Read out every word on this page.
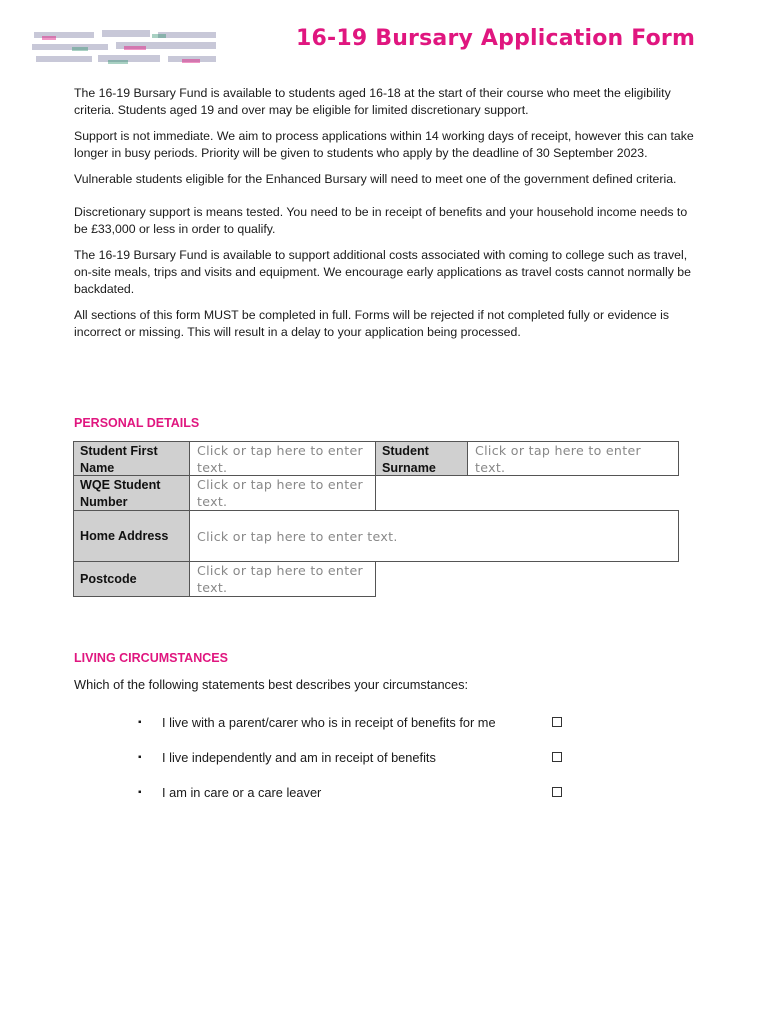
16-19 Bursary Application Form

The 16-19 Bursary Fund is available to students aged 16-18 at the start of their course who meet the eligibility criteria. Students aged 19 and over may be eligible for limited discretionary support.

Support is not immediate. We aim to process applications within 14 working days of receipt, however this can take longer in busy periods. Priority will be given to students who apply by the deadline of 30 September 2023.

Vulnerable students eligible for the Enhanced Bursary will need to meet one of the government defined criteria.

Discretionary support is means tested. You need to be in receipt of benefits and your household income needs to be £33,000 or less in order to qualify.

The 16-19 Bursary Fund is available to support additional costs associated with coming to college such as travel, on-site meals, trips and visits and equipment. We encourage early applications as travel costs cannot normally be backdated.

All sections of this form MUST be completed in full. Forms will be rejected if not completed fully or evidence is incorrect or missing. This will result in a delay to your application being processed.

PERSONAL DETAILS
Student First Name
Click or tap here to enter text.
Student Surname
Click or tap here to enter text.
WQE Student Number
Click or tap here to enter text.
Home Address	Click or tap here to enter text.
Postcode
Click or tap here to enter text.
LIVING CIRCUMSTANCES
Which of the following statements best describes your circumstances:
▪ I live with a parent/carer who is in receipt of benefits for me
▪ I live independently and am in receipt of benefits
▪ I am in care or a care leaver
